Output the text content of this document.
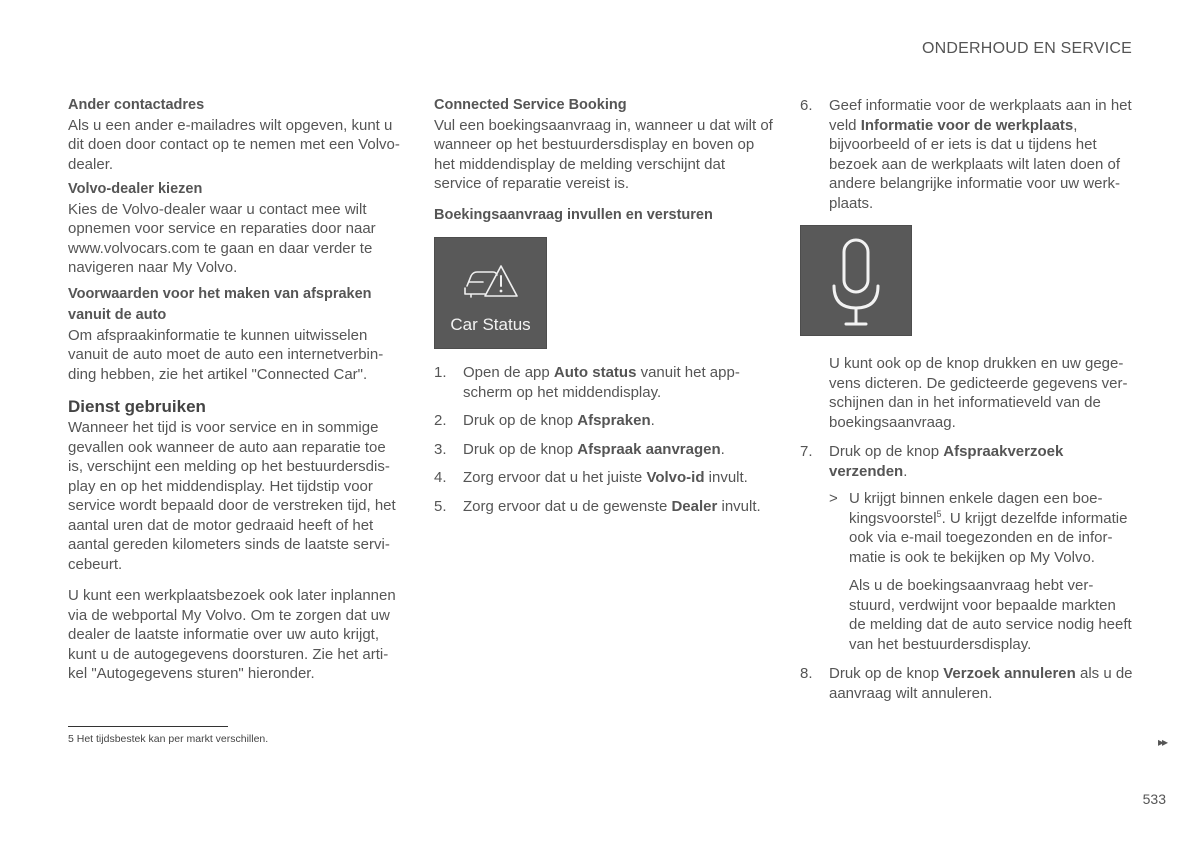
ONDERHOUD EN SERVICE
Ander contactadres

Als u een ander e-mailadres wilt opgeven, kunt u dit doen door contact op te nemen met een Volvo-dealer.

Volvo-dealer kiezen

Kies de Volvo-dealer waar u contact mee wilt opnemen voor service en reparaties door naar www.volvocars.com te gaan en daar verder te navigeren naar My Volvo.

Voorwaarden voor het maken van afspraken vanuit de auto

Om afspraakinformatie te kunnen uitwisselen vanuit de auto moet de auto een internetverbin-ding hebben, zie het artikel "Connected Car".

Dienst gebruiken

Wanneer het tijd is voor service en in sommige gevallen ook wanneer de auto aan reparatie toe is, verschijnt een melding op het bestuurdersdis-play en op het middendisplay. Het tijdstip voor service wordt bepaald door de verstreken tijd, het aantal uren dat de motor gedraaid heeft of het aantal gereden kilometers sinds de laatste servi-cebeurt.

U kunt een werkplaatsbezoek ook later inplannen via de webportal My Volvo. Om te zorgen dat uw dealer de laatste informatie over uw auto krijgt, kunt u de autogegevens doorsturen. Zie het arti-kel "Autogegevens sturen" hieronder.

Connected Service Booking

Vul een boekingsaanvraag in, wanneer u dat wilt of wanneer op het bestuurdersdisplay en boven op het middendisplay de melding verschijnt dat service of reparatie vereist is.

Boekingsaanvraag invullen en versturen
Car Status
1.	Open de app Auto status vanuit het app-scherm op het middendisplay.
2.	Druk op de knop Afspraken.
3.	Druk op de knop Afspraak aanvragen.
4.	Zorg ervoor dat u het juiste Volvo-id invult.
5.	Zorg ervoor dat u de gewenste Dealer invult.
6.	Geef informatie voor de werkplaats aan in het veld Informatie voor de werkplaats, bijvoorbeeld of er iets is dat u tijdens het bezoek aan de werkplaats wilt laten doen of andere belangrijke informatie voor uw werk-plaats.

U kunt ook op de knop drukken en uw gege-vens dicteren. De gedicteerde gegevens ver-schijnen dan in het informatieveld van de boekingsaanvraag.

7.	Druk op de knop Afspraakverzoek verzenden.
> U krijgt binnen enkele dagen een boe-kingsvoorstel$^5$. U krijgt dezelfde informatie ook via e-mail toegezonden en de infor-matie is ook te bekijken op My Volvo.

Als u de boekingsaanvraag hebt ver-stuurd, verdwijnt voor bepaalde markten de melding dat de auto service nodig heeft van het bestuurdersdisplay.

8.	Druk op de knop Verzoek annuleren als u de aanvraag wilt annuleren.
5 Het tijdsbestek kan per markt verschillen.	▸▸
533
